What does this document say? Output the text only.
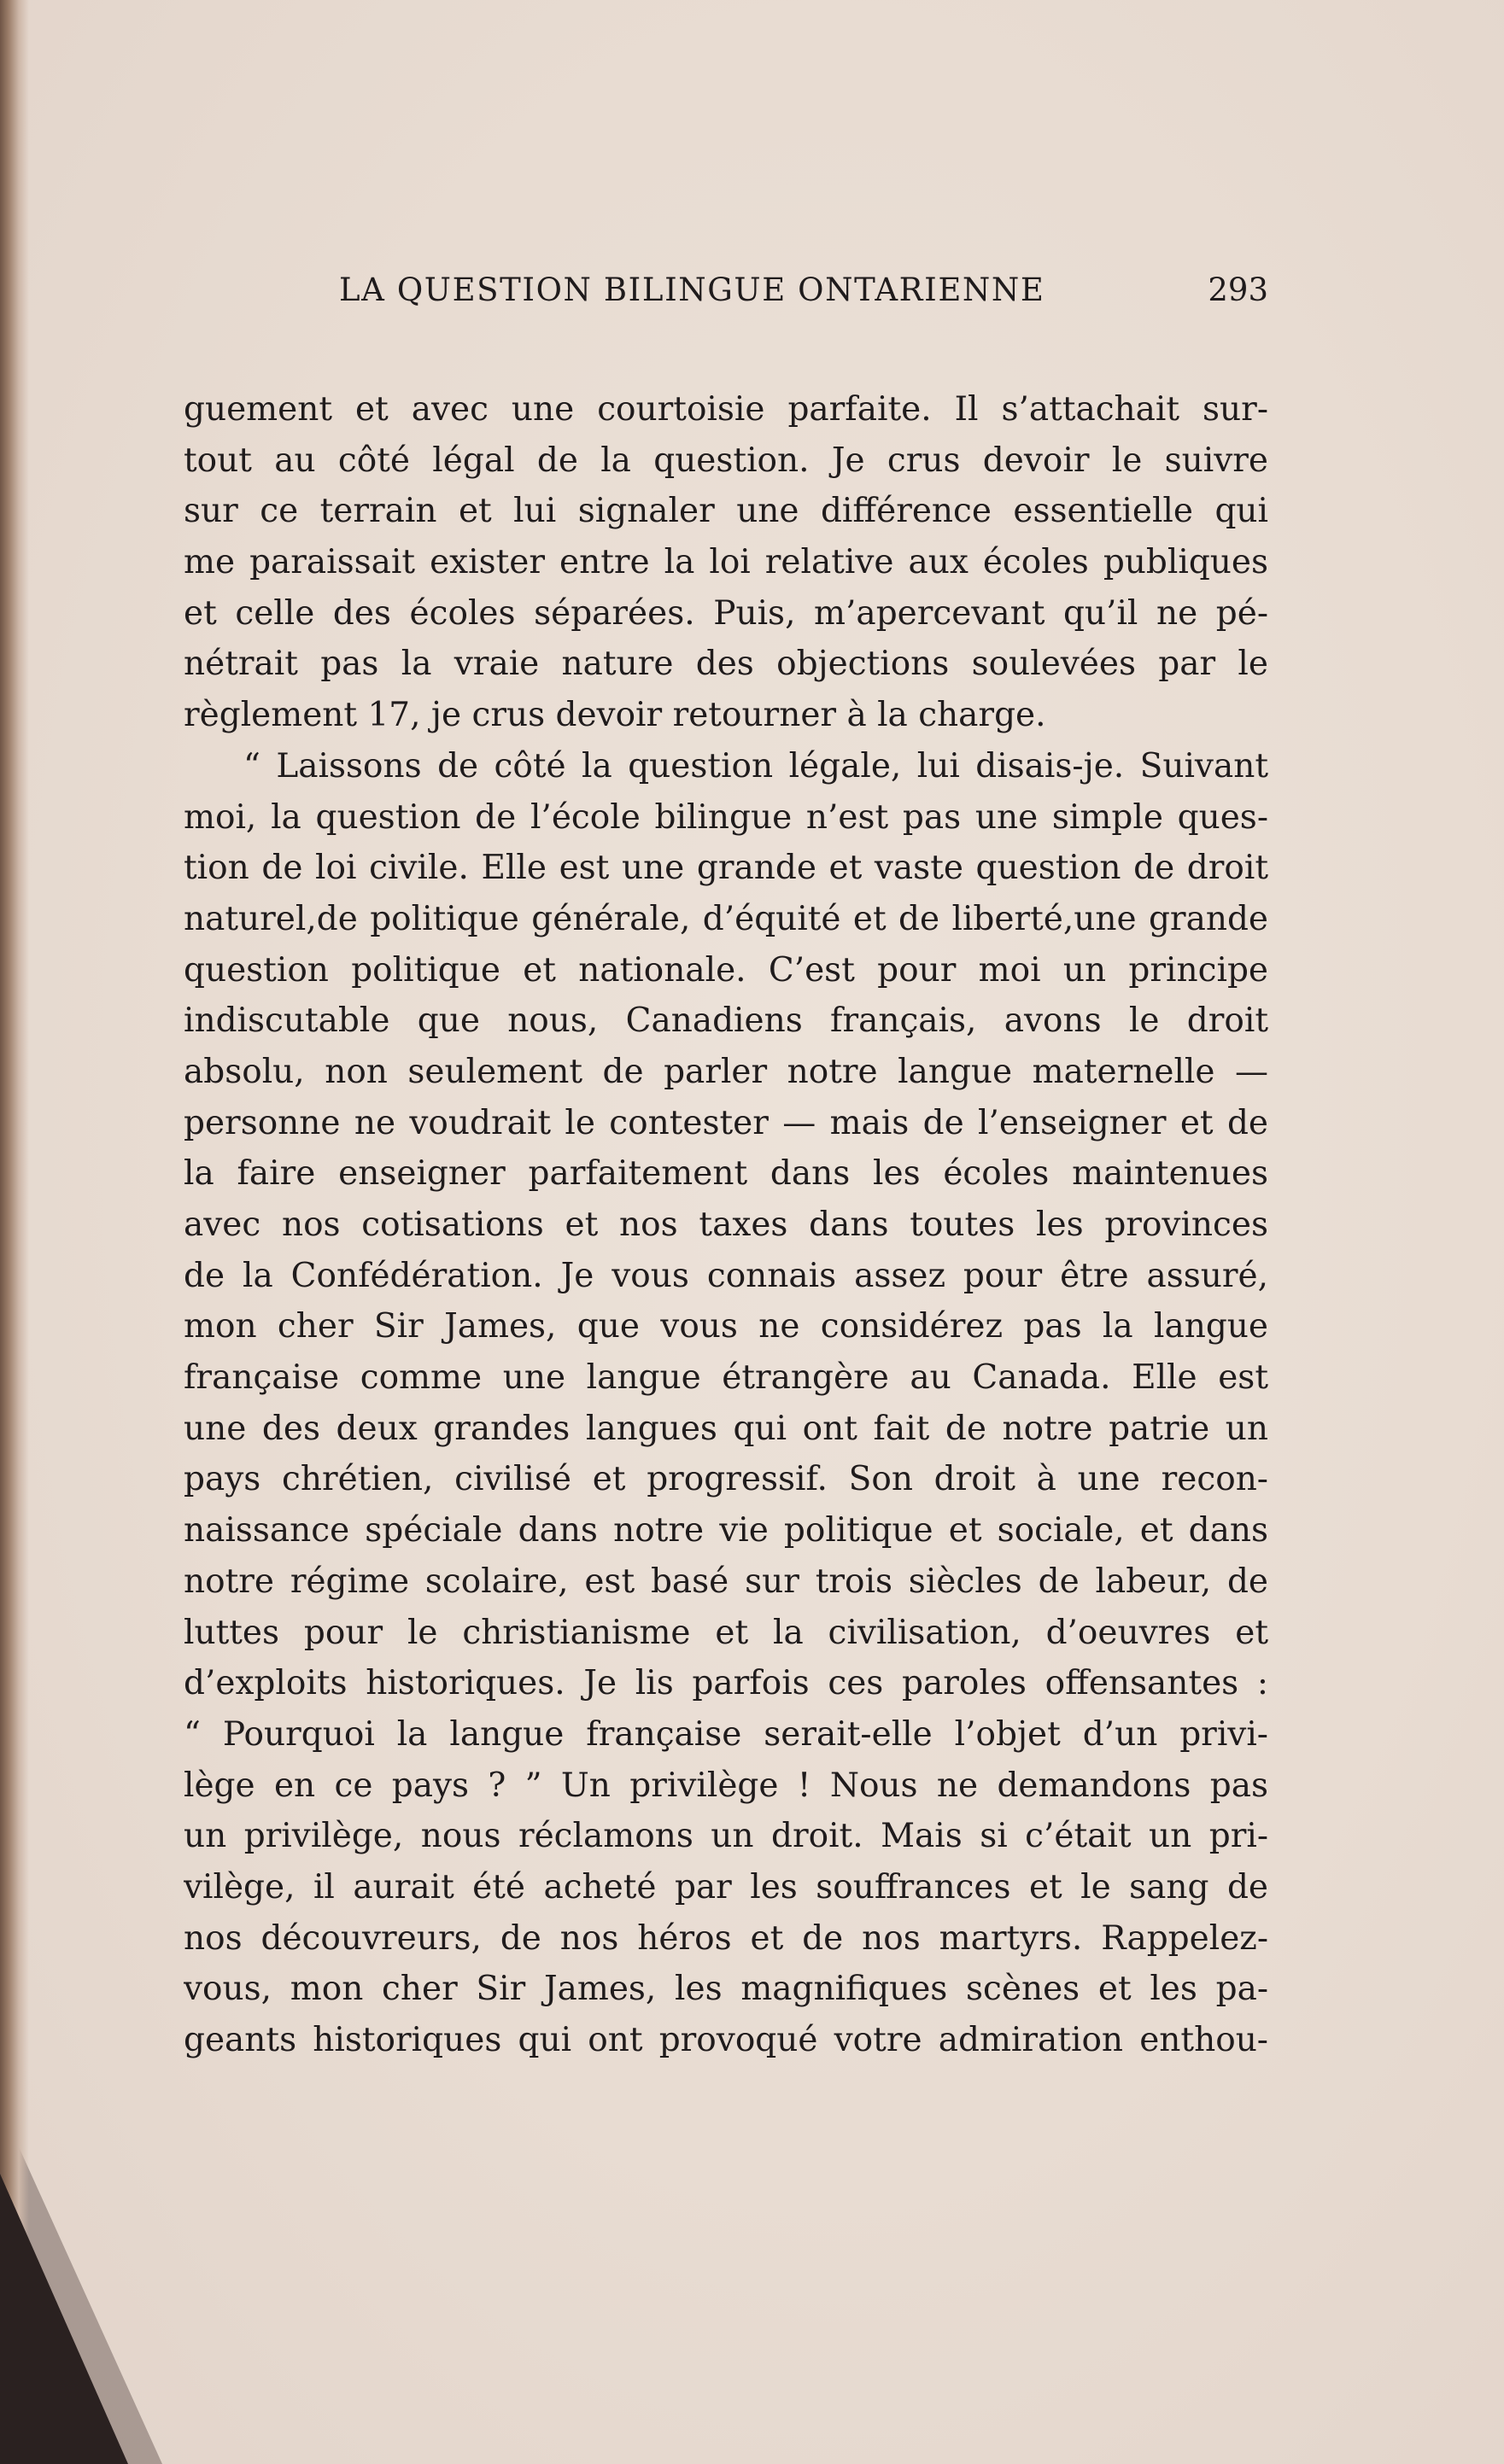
LA QUESTION BILINGUE ONTARIENNE	293
guement et avec une courtoisie parfaite. Il s’attachait sur-
tout au côté légal de la question. Je crus devoir le suivre
sur ce terrain et lui signaler une différence essentielle qui
me paraissait exister entre la loi relative aux écoles publiques
et celle des écoles séparées. Puis, m’apercevant qu’il ne pé-
nétrait pas la vraie nature des objections soulevées par le
règlement 17, je crus devoir retourner à la charge.
“ Laissons de côté la question légale, lui disais-je. Suivant
moi, la question de l’école bilingue n’est pas une simple ques-
tion de loi civile. Elle est une grande et vaste question de droit
naturel,de politique générale, d’équité et de liberté,une grande
question politique et nationale. C’est pour moi un principe
indiscutable que nous, Canadiens français, avons le droit
absolu, non seulement de parler notre langue maternelle —
personne ne voudrait le contester — mais de l’enseigner et de
la faire enseigner parfaitement dans les écoles maintenues
avec nos cotisations et nos taxes dans toutes les provinces
de la Confédération. Je vous connais assez pour être assuré,
mon cher Sir James, que vous ne considérez pas la langue
française comme une langue étrangère au Canada. Elle est
une des deux grandes langues qui ont fait de notre patrie un
pays chrétien, civilisé et progressif. Son droit à une recon-
naissance spéciale dans notre vie politique et sociale, et dans
notre régime scolaire, est basé sur trois siècles de labeur, de
luttes pour le christianisme et la civilisation, d’oeuvres et
d’exploits historiques. Je lis parfois ces paroles offensantes :
“ Pourquoi la langue française serait-elle l’objet d’un privi-
lège en ce pays ? ” Un privilège ! Nous ne demandons pas
un privilège, nous réclamons un droit. Mais si c’était un pri-
vilège, il aurait été acheté par les souffrances et le sang de
nos découvreurs, de nos héros et de nos martyrs. Rappelez-
vous, mon cher Sir James, les magnifiques scènes et les pa-
geants historiques qui ont provoqué votre admiration enthou-
